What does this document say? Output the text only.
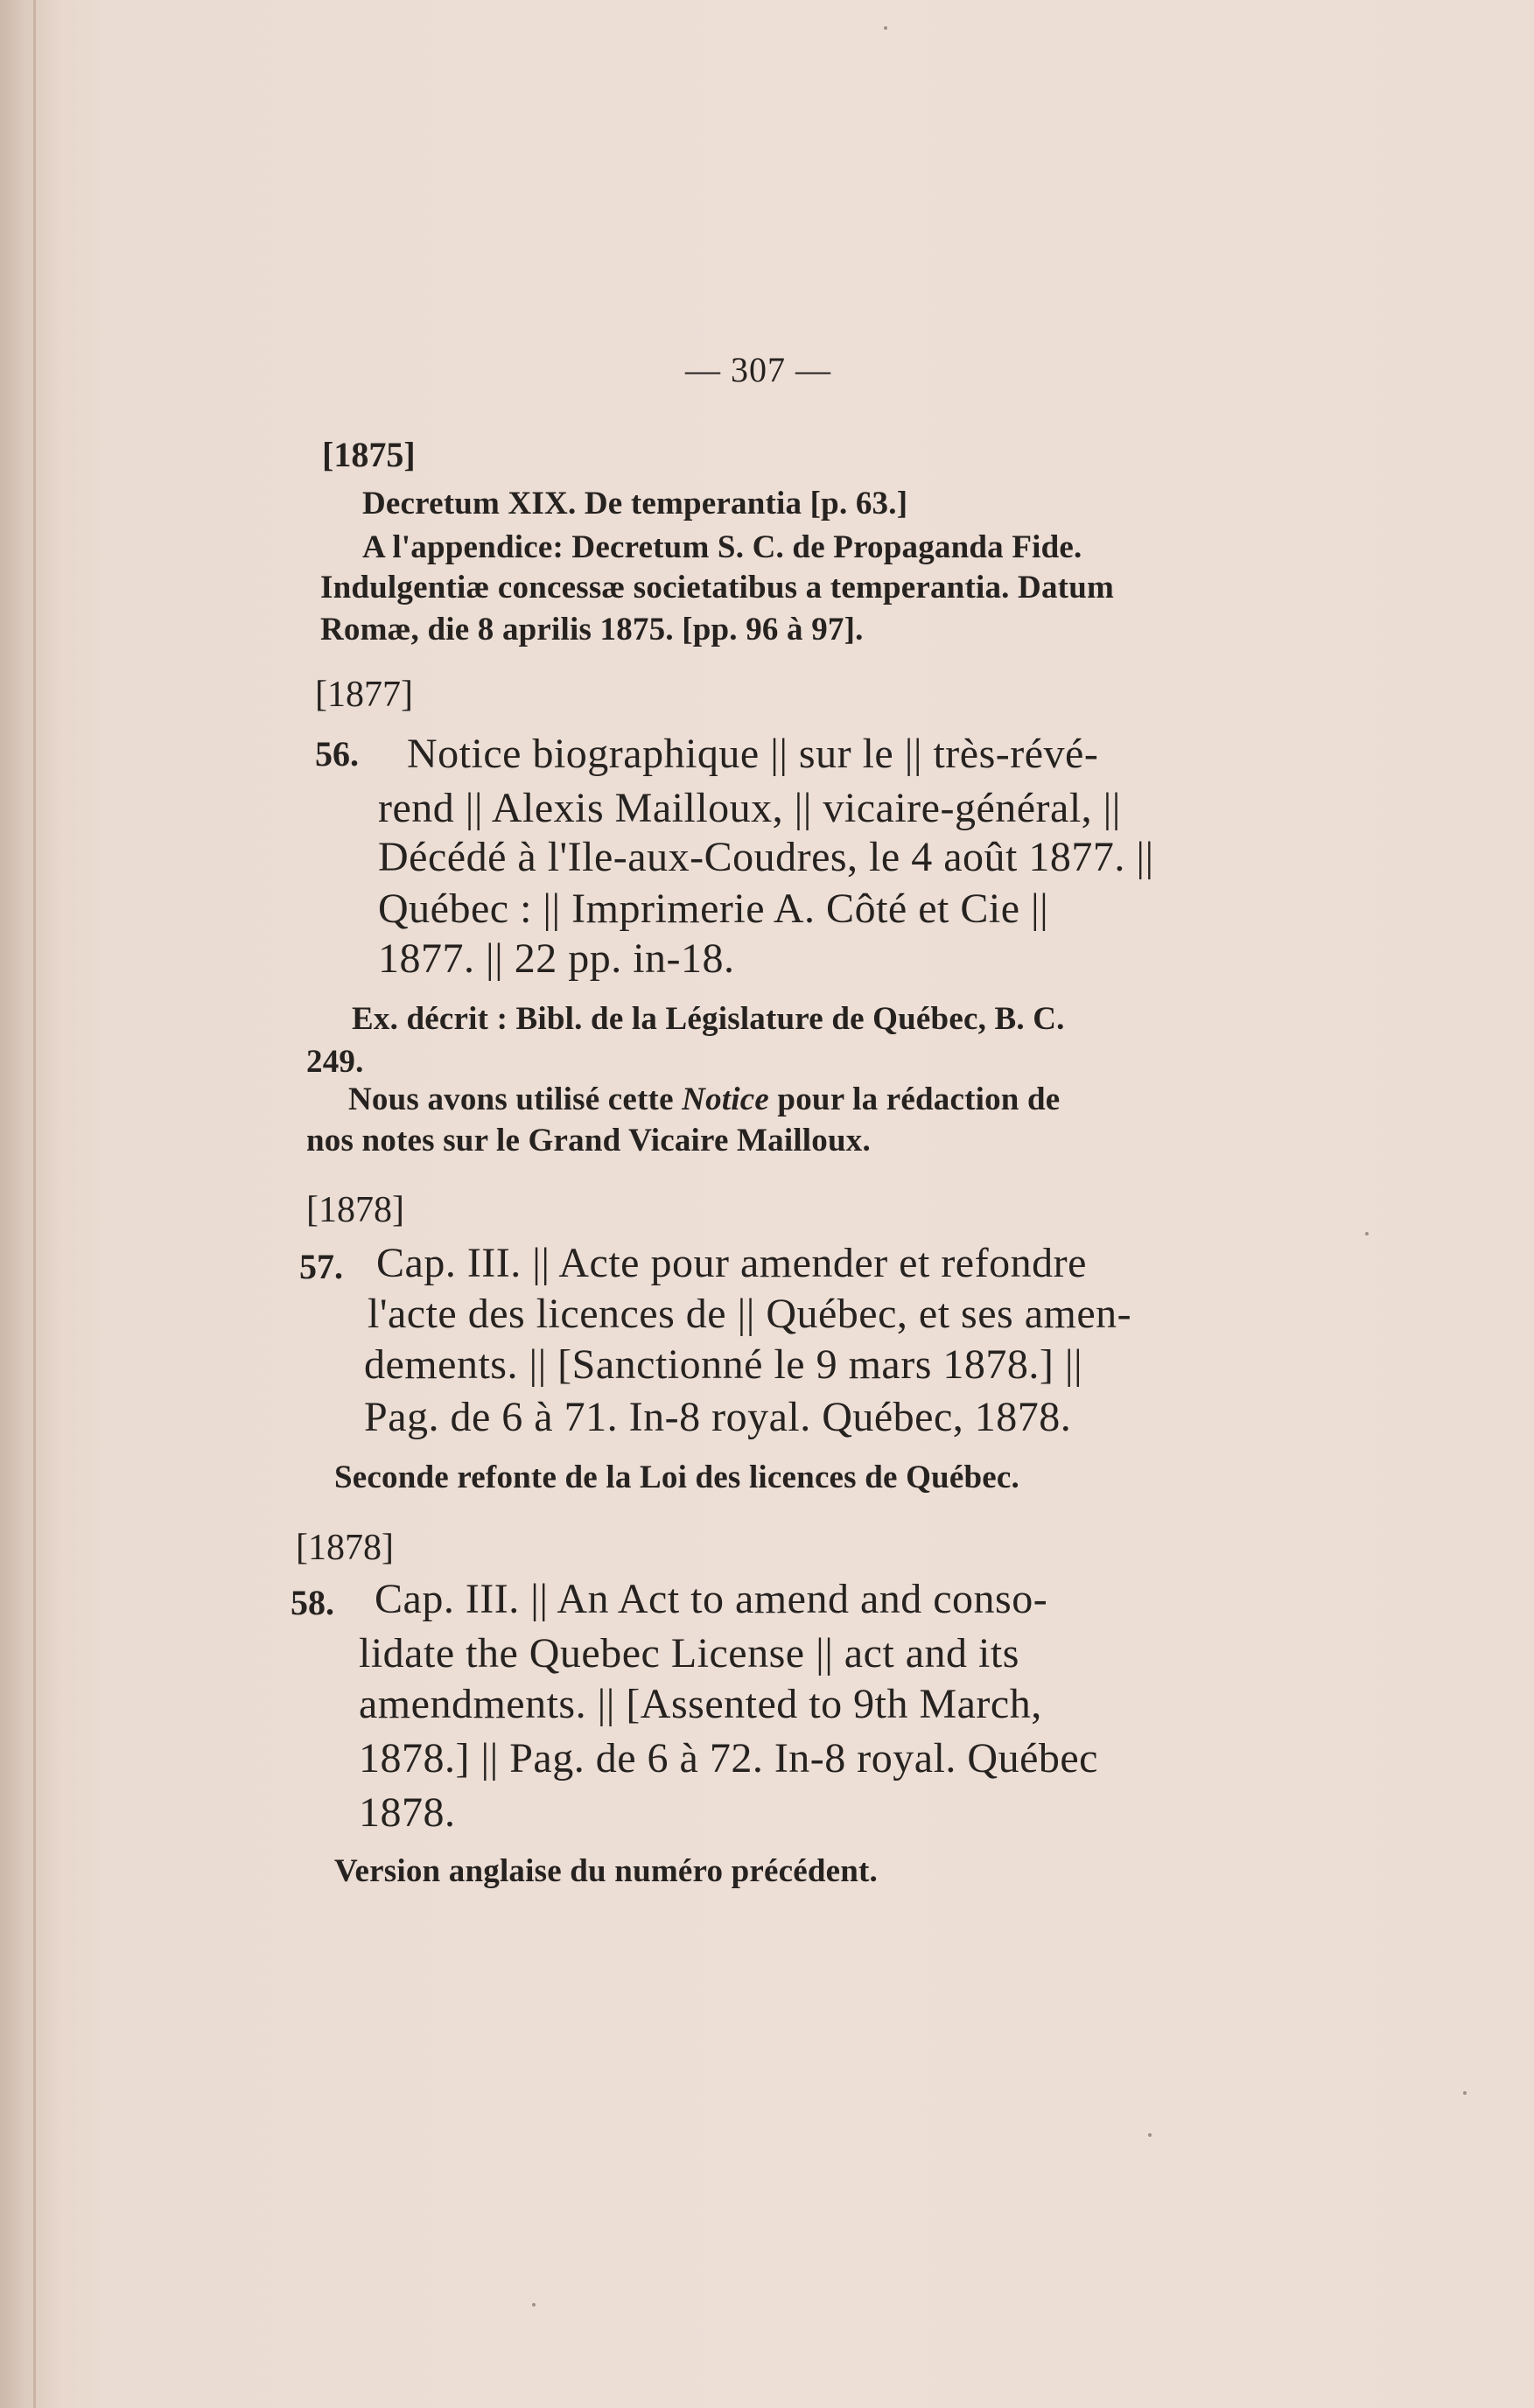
— 307 —
[1875]
Decretum XIX. De temperantia [p. 63.]
A l'appendice: Decretum S. C. de Propaganda Fide.
Indulgentiæ concessæ societatibus a temperantia. Datum
Romæ, die 8 aprilis 1875. [pp. 96 à 97].
[1877]
56. Notice biographique || sur le || très-révé-
rend || Alexis Mailloux, || vicaire-général, ||
Décédé à l'Ile-aux-Coudres, le 4 août 1877. ||
Québec : || Imprimerie A. Côté et Cie ||
1877. || 22 pp. in-18.
Ex. décrit : Bibl. de la Législature de Québec, B. C.
249.
Nous avons utilisé cette Notice pour la rédaction de
nos notes sur le Grand Vicaire Mailloux.
[1878]
57. Cap. III. || Acte pour amender et refondre
l'acte des licences de || Québec, et ses amen-
dements. || [Sanctionné le 9 mars 1878.] ||
Pag. de 6 à 71. In-8 royal. Québec, 1878.
Seconde refonte de la Loi des licences de Québec.
[1878]
58. Cap. III. || An Act to amend and conso-
lidate the Quebec License || act and its
amendments. || [Assented to 9th March,
1878.] || Pag. de 6 à 72. In-8 royal. Québec
1878.
Version anglaise du numéro précédent.
